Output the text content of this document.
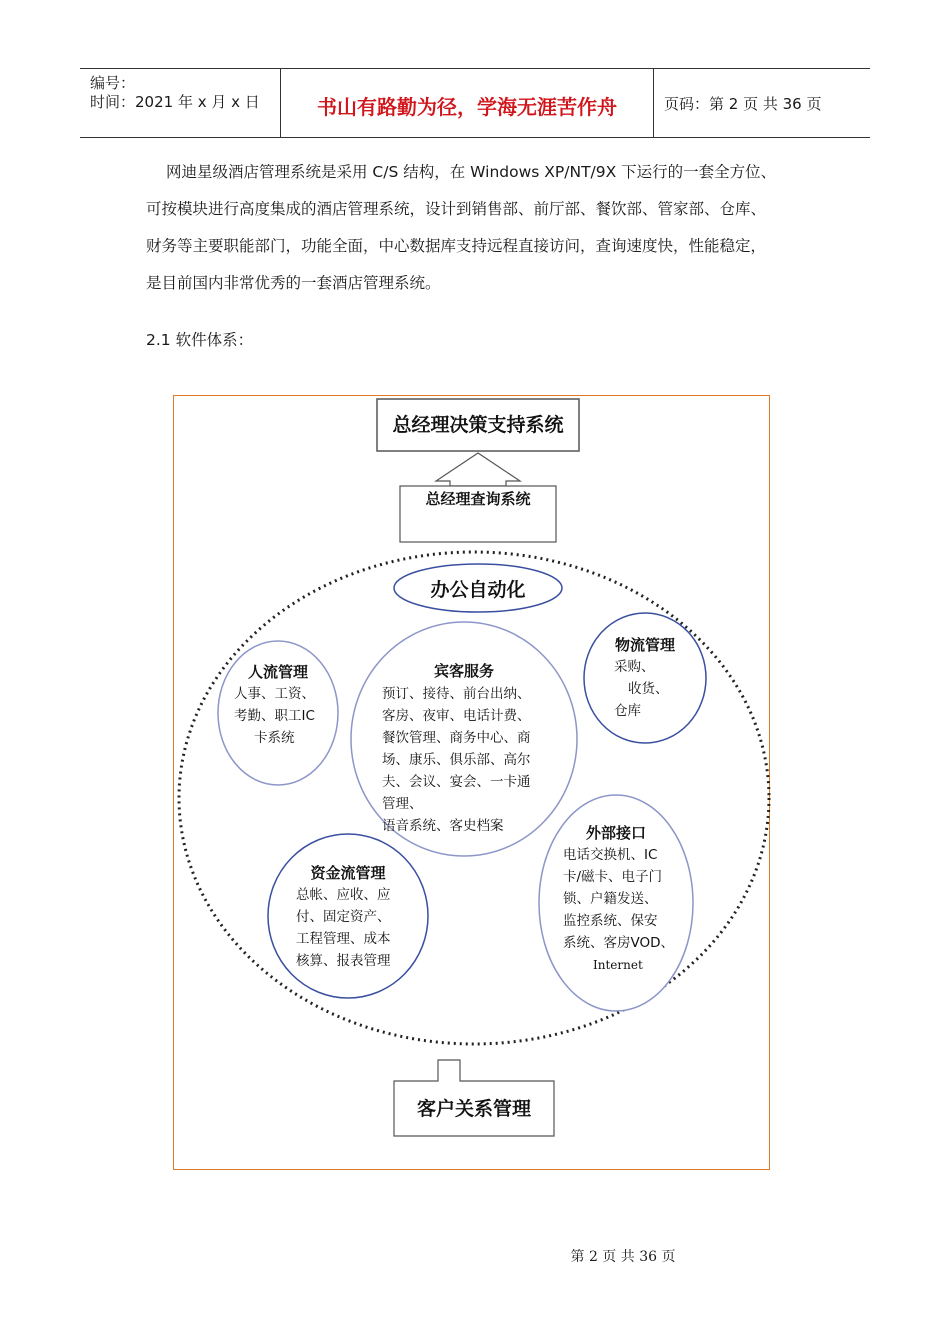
编号：
时间：2021 年 x 月 x 日	书山有路勤为径，学海无涯苦作舟	页码：第 2 页 共 36 页

网迪星级酒店管理系统是采用 C/S 结构，在 Windows XP/NT/9X 下运行的一套全方位、

可按模块进行高度集成的酒店管理系统，设计到销售部、前厅部、餐饮部、管家部、仓库、

财务等主要职能部门，功能全面，中心数据库支持远程直接访问，查询速度快，性能稳定，

是目前国内非常优秀的一套酒店管理系统。

2.1 软件体系：
总经理决策支持系统
总经理查询系统
办公自动化
人流管理
人事、工资、
考勤、职工IC
卡系统
宾客服务
预订、接待、前台出纳、
客房、夜审、电话计费、
餐饮管理、商务中心、商
场、康乐、俱乐部、高尔
夫、会议、宴会、一卡通
管理、
语音系统、客史档案
物流管理
采购、
收货、
仓库
资金流管理
总帐、应收、应
付、固定资产、
工程管理、成本
核算、报表管理
外部接口
电话交换机、IC
卡/磁卡、电子门
锁、户籍发送、
监控系统、保安
系统、客房VOD、
Internet
客户关系管理
第 2 页 共 36 页
